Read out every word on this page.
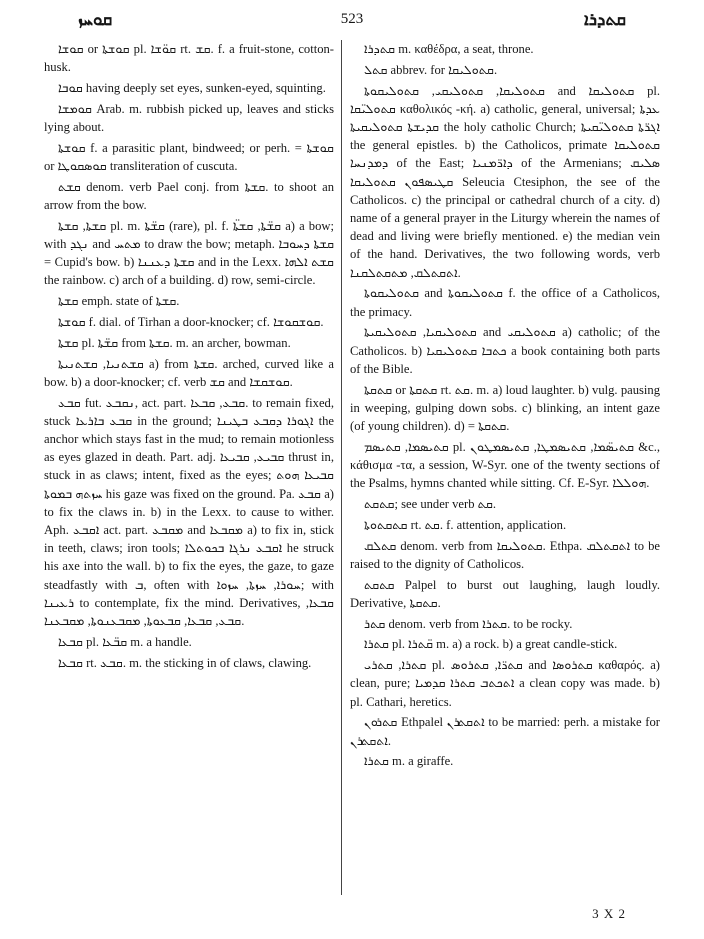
ܩܘܚܙ	523	ܩܬܕܪܐ

ܩܘܫܐ or ܩܘܫܬܐ pl. ܩܘ̈ܫܐ rt. ܩܫ. f. a fruit-stone, cotton-husk.

ܩܘܒܐ having deeply set eyes, sunken-eyed, squinting.

ܩܘܡܫܐ Arab. m. rubbish picked up, leaves and sticks lying about.

ܩܘܫܬܐ f. a parasitic plant, bindweed; or perh. = ܩܘܫܬܐ or ܩܘܣܩܘܛܐ transliteration of cuscuta.

ܩܫܬ denom. verb Pael conj. from ܩܫܬܐ. to shoot an arrow from the bow.

ܩܫܬܐ, ܩܫܬܐ pl. m. ܩܫ̈ܬܐ (rare), pl. f. ܩܫ̈ܬܐ, ܩܫܬ̈ܐ a) a bow; with ܢܓܕ and ܡܬܚ to draw the bow; metaph. ܩܫܬܐ ܕܚܘܒܐ = Cupid's bow. b) ܩܫܬܐ ܕܥܢܢܐ and in the Lexx. ܩܫܬ ܐܠܗܐ the rainbow. c) arch of a building. d) row, semi-circle.

ܩܫܬܐ emph. state of ܩܫܬܐ.

ܩܘܫܬܐ f. dial. of Tirhan a door-knocker; cf. ܩܘܫܩܘܫܐ.

ܩܫܬܐ pl. ܩܫ̈ܬܐ from ܩܫܬܐ. m. an archer, bowman.

ܩܫܬܢܝܐ, ܩܫܬܢܝܬܐ a) from ܩܫܬܐ. arched, curved like a bow. b) a door-knocker; cf. verb ܩܫ and ܩܘܫܩܫܐ.

ܩܒܥ fut. ܢܩܒܥ, act. part. ܩܒܥ, ܩܒܥܐ. to remain fixed, stuck ܩܒܥ ܒܐܪܥܐ in the ground; ܐܓܘܪܐ ܕܩܒܥ ܒܛܝܢܐ the anchor which stays fast in the mud; to remain motionless as eyes glazed in death. Part. adj. ܩܒܝܥ, ܩܒܝܥܐ thrust in, stuck in as claws; intent, fixed as the eyes; ܩܒܝܥܐ ܗܘܬ ܚܙܬܗ ܒܡܘܬܐ his gaze was fixed on the ground. Pa. ܩܒܥ a) to fix the claws in. b) in the Lexx. to cause to wither. Aph. ܐܩܒܥ act. part. ܡܩܒܥ and ܡܩܒܥܐ a) to fix in, stick in teeth, claws; iron tools; ܐܩܒܥ ܢܪܓܐ ܒܟܘܬܠܐ he struck his axe into the wall. b) to fix the eyes, the gaze, to gaze steadfastly with ܒ, often with ܚܘܪܐ, ܚܙܬܐ, ܚܙܘܐ; with ܪܥܝܢܐ to contemplate, fix the mind. Derivatives, ܩܒܥܐ, ܩܒܥ, ܩܒܥܐ, ܩܒܥܘܬܐ, ܡܩܒܥܢܘܬܐ, ܡܩܒܥܢܐ.

ܩܒܥܐ pl. ܩܒ̈ܥܐ m. a handle.

ܩܒܥܐ rt. ܩܒܥ. m. the sticking in of claws, clawing.

ܩܬܕܪܐ m. καθέδρα, a seat, throne.

ܩܬܠ abbrev. for ܩܬܘܠܝܩܐ.

ܩܬܘܠܝܩܐ, ܩܬܘܠܝܩܝ, ܩܬܘܠܝܩܘܬܐ and ܩܬܘܠܝܩܐ pl. ܩܬܘܠܝ̈ܩܐ καθολικός -κή. a) catholic, general, universal; ܥܕܬܐ ܩܕܝܫܬܐ ܩܬܘܠܝܩܝܬܐ the holy catholic Church; ܐܓܪ̈ܬܐ ܩܬܘܠܝ̈ܩܝܬܐ the general epistles. b) the Catholicos, primate ܩܬܘܠܝܩܐ ܕܡܕܢܚܐ of the East; ܕܐܪ̈ܡܢܝܐ of the Armenians; ܣܠܝܩ ܩܛܝܣܦܘܢ ܩܬܘܠܝܩܐ Seleucia Ctesiphon, the see of the Catholicos. c) the principal or cathedral church of a city. d) name of a general prayer in the Liturgy wherein the names of dead and living were briefly mentioned. e) the median vein of the hand. Derivatives, the two following words, verb ܐܬܩܬܠܩ, ܡܬܩܬܠܩܢܐ.

ܩܬܘܠܝܩܘܬܐ and ܩܬܘܠܝܩܘܬܐ f. the office of a Catholicos, the primacy.

ܩܬܘܠܝܩܝܐ, ܩܬܘܠܝܩܝܬܐ and ܩܬܘܠܝܩܝ a) catholic; of the Catholicos. b) ܟܬܒܐ ܩܬܘܠܝܩܝܐ a book containing both parts of the Bible.

ܩܬܩܬܐ or ܩܬܩܬܐ rt. ܩܬ. m. a) loud laughter. b) vulg. pausing in weeping, gulping down sobs. c) blinking, an intent gaze (of young children). d) = ܩܬܩܬܐ.

ܩܬܝܣܡܐ, ܩܬܝܣܡ pl. ܩܬܝܣ̈ܡܐ, ܩܬܝܣܡܛܐ, ܩܬܝܣܡܛܘܢ &c., κάθισμα -τα, a session, W-Syr. one of the twenty sections of the Psalms, hymns chanted while sitting. Cf. E-Syr. ܗܘܠܠܐ.

ܩܬܩܬ; see under verb ܩܬ.

ܩܬܩܬܘܬܐ rt. ܩܬ. f. attention, application.

ܩܬܠܩ denom. verb from ܩܬܘܠܝܩܐ. Ethpa. ܐܬܩܬܠܩ to be raised to the dignity of Catholicos.

ܩܬܩܬ Palpel to burst out laughing, laugh loudly. Derivative, ܩܬܩܬܐ.

ܩܬܪ denom. verb from ܩܬܪܐ. to be rocky.

ܩܬܪܐ pl. ܩ̈ܬܪܐ m. a) a rock. b) a great candle-stick.

ܩܬܪܐ, ܩܬܪܝ pl. ܩܬܪ̈ܐ, ܩܬܪܘܣ and ܩܬܪܘܣܐ καθαρός. a) clean, pure; ܐܬܟܬܒ ܩܬܪܐ ܩܕܡܝܐ a clean copy was made. b) pl. Cathari, heretics.

ܩܬܪܘܢ Ethpalel ܐܬܩܬܪܢ to be married: perh. a mistake for ܐܬܩܬܪܢ.

ܩܬܪܐ m. a giraffe.

3 X 2
